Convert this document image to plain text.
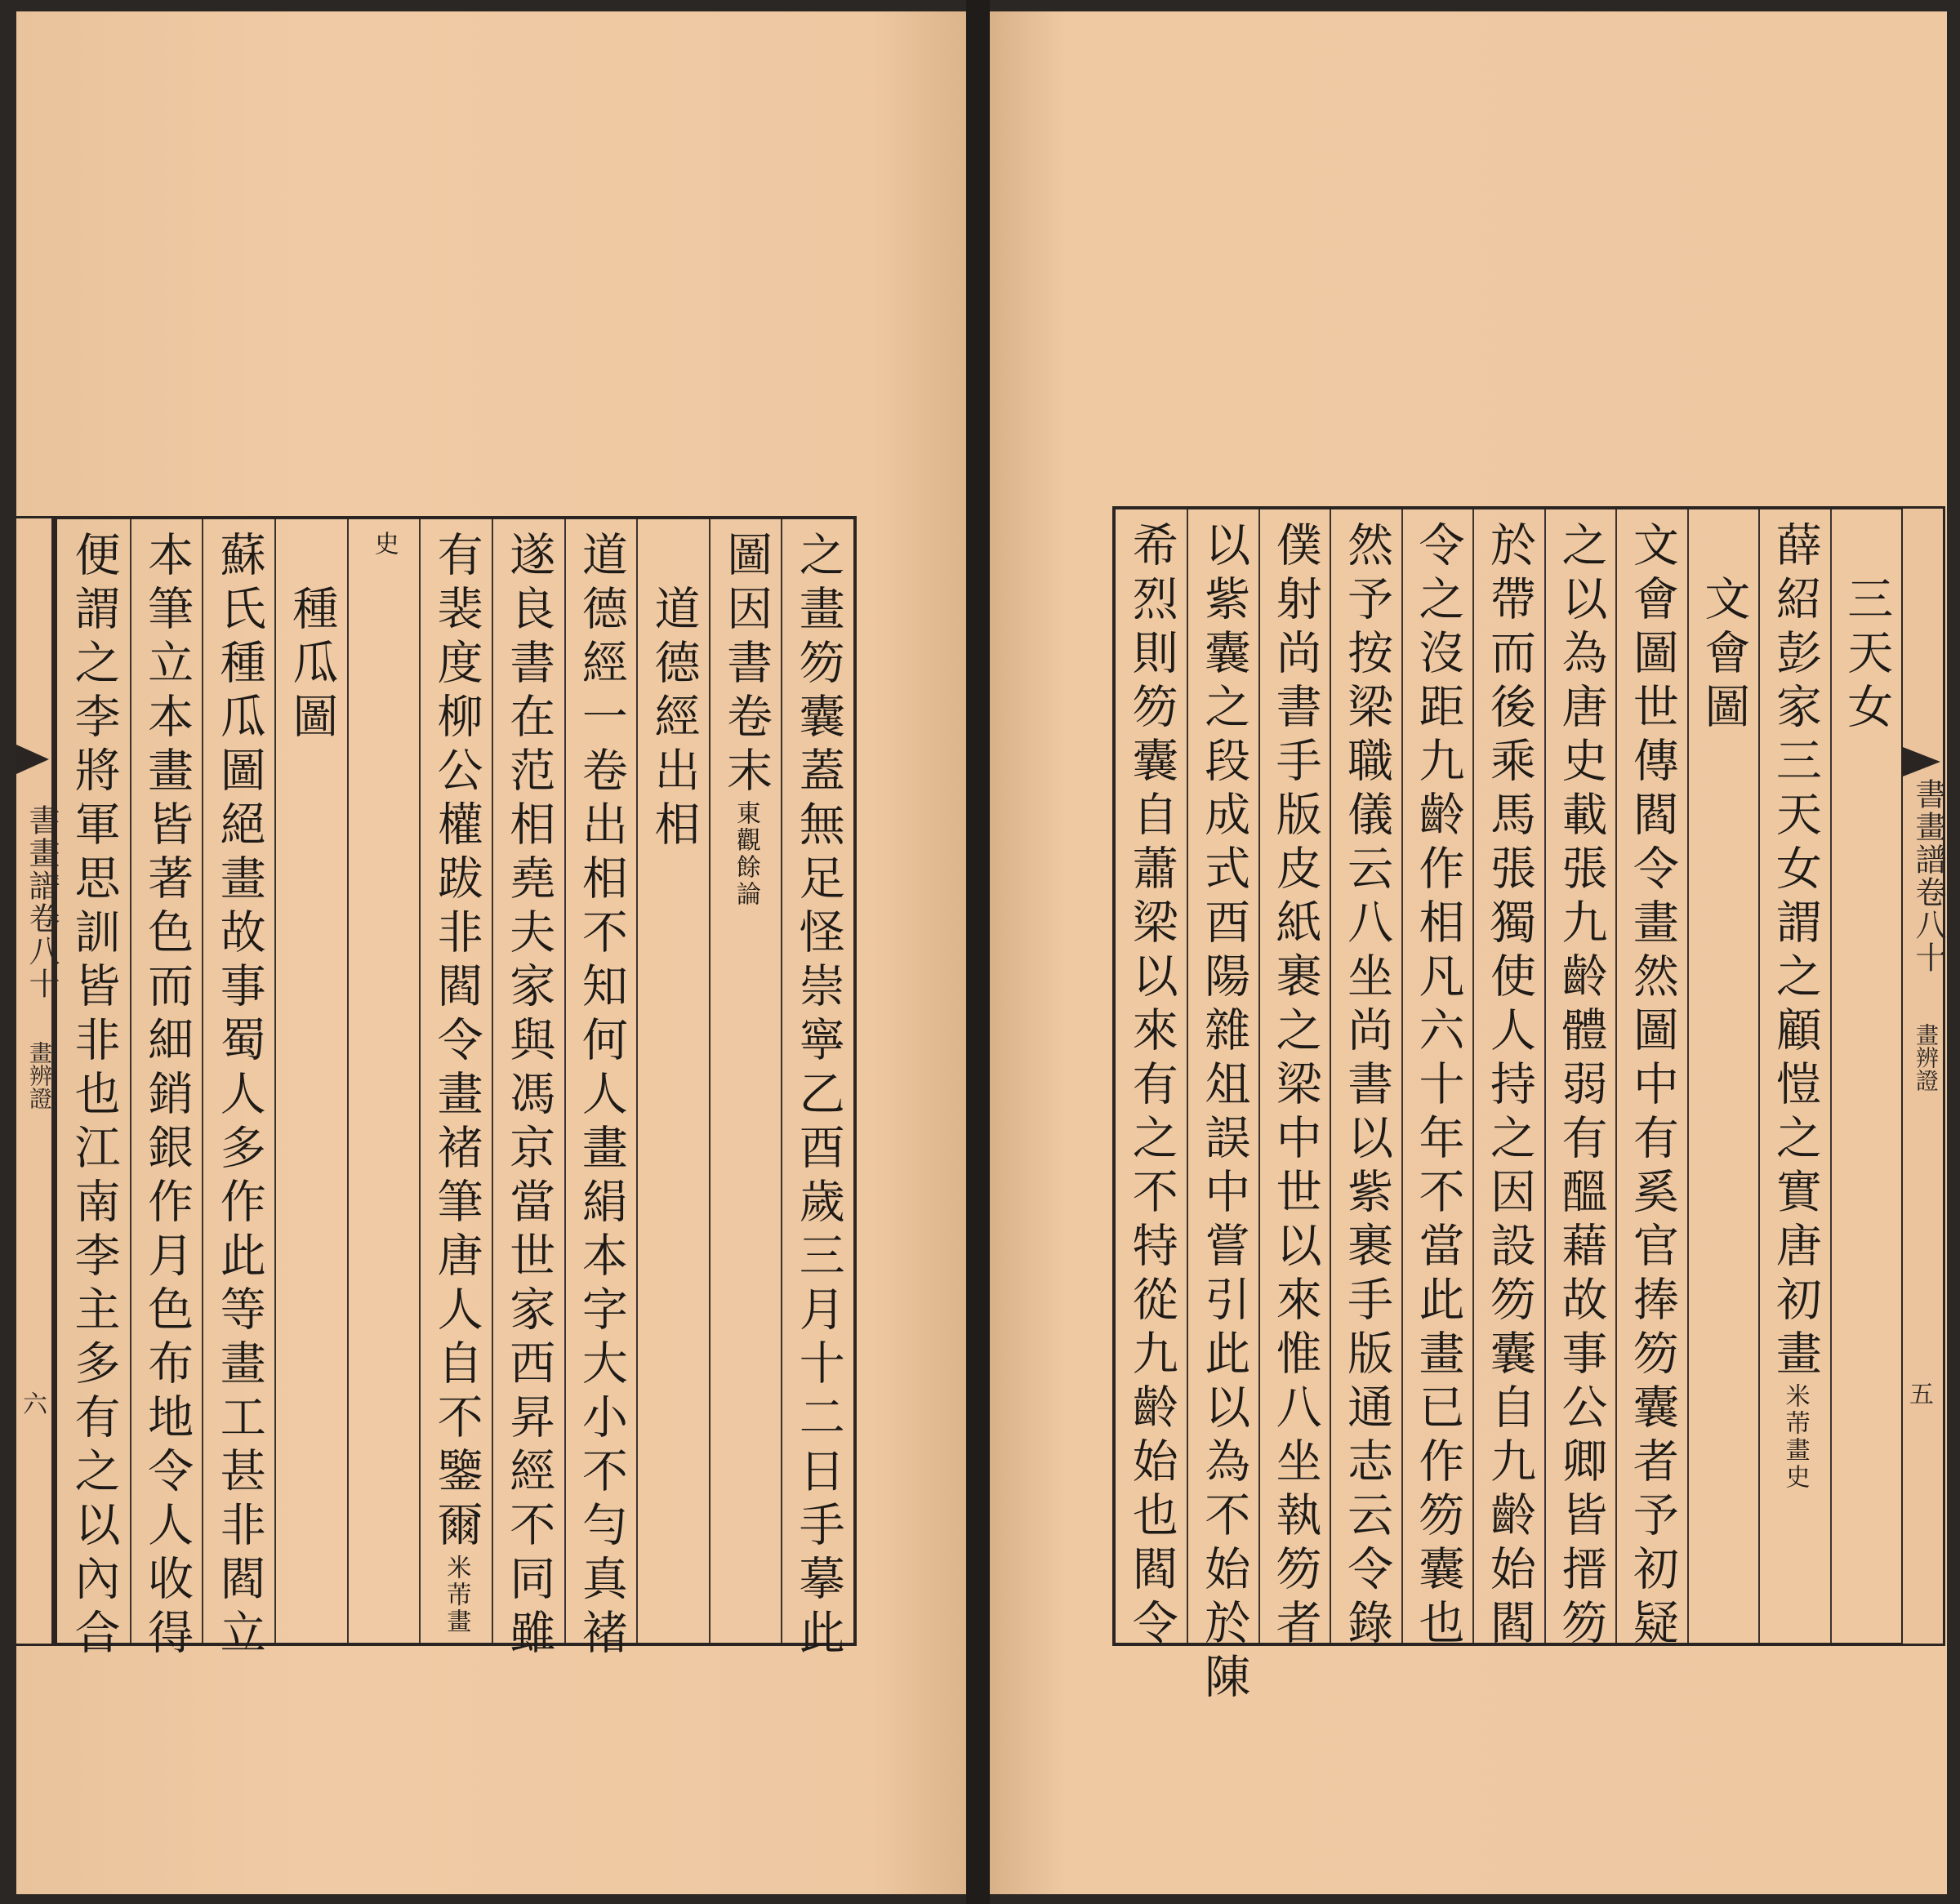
書畫譜卷八十
畫辨證
六	之畫笏囊蓋無足怪崇寧乙酉歲三月十二日手摹此
圖因書卷末
東觀餘論
　道德經出相
道德經一卷出相不知何人畫絹本字大小不勻真褚
遂良書在范相堯夫家與馮京當世家西昇經不同雖
有裴度柳公權跋非閻令畫褚筆唐人自不鑒爾
米芾畫
史
　種瓜圖
蘇氏種瓜圖絕畫故事蜀人多作此等畫工甚非閻立
本筆立本畫皆著色而細銷銀作月色布地令人收得
便謂之李將軍思訓皆非也江南李主多有之以內合	　三天女
薛紹彭家三天女謂之顧愷之實唐初畫
米芾畫史
　文會圖
文會圖世傳閻令畫然圖中有奚官捧笏囊者予初疑
之以為唐史載張九齡體弱有醞藉故事公卿皆搢笏
於帶而後乘馬張獨使人持之因設笏囊自九齡始閻
令之沒距九齡作相凡六十年不當此畫已作笏囊也
然予按梁職儀云八坐尚書以紫裹手版通志云令錄
僕射尚書手版皮紙裹之梁中世以來惟八坐執笏者
以紫囊之段成式酉陽雜俎誤中嘗引此以為不始於陳
希烈則笏囊自蕭梁以來有之不特從九齡始也閻令	書畫譜卷八十
畫辨證
五
